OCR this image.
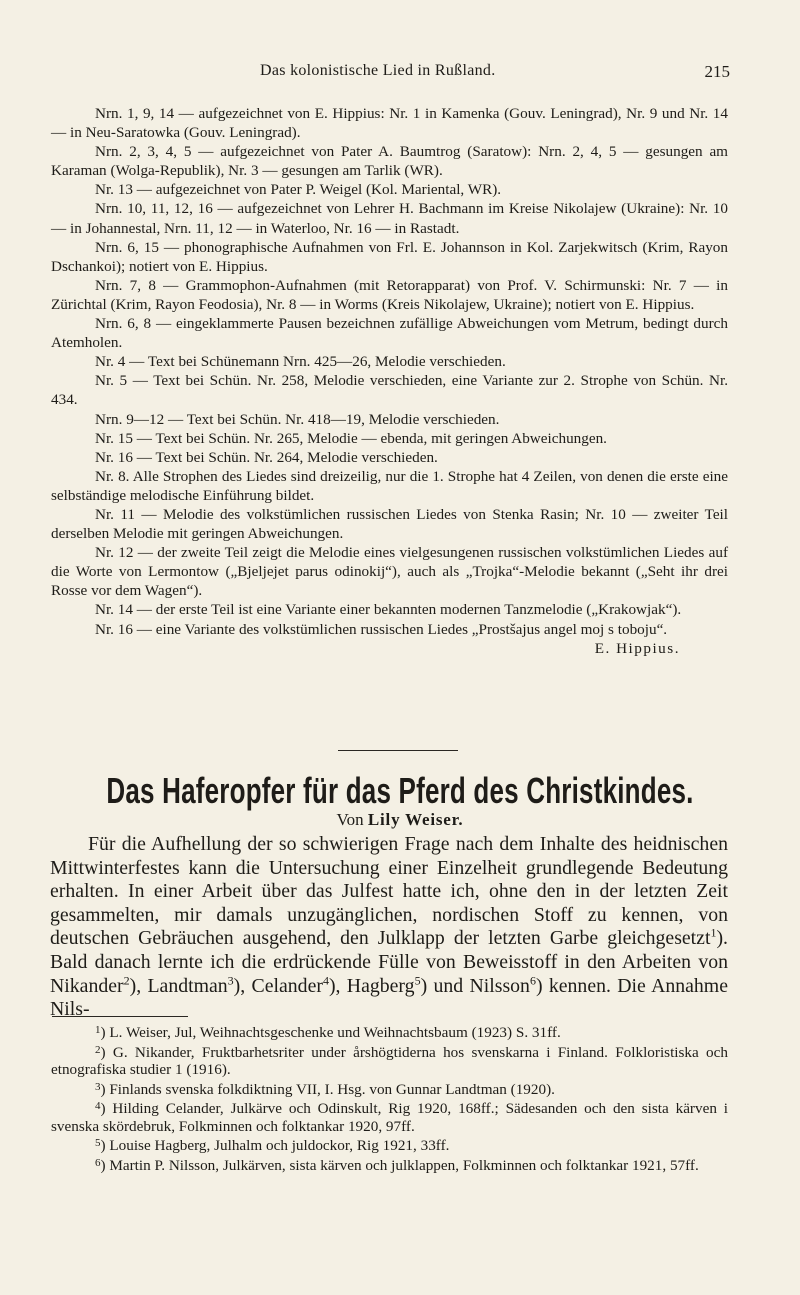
Das kolonistische Lied in Rußland.	215

Nrn. 1, 9, 14 — aufgezeichnet von E. Hippius: Nr. 1 in Kamenka (Gouv. Leningrad), Nr. 9 und Nr. 14 — in Neu-Saratowka (Gouv. Leningrad).

Nrn. 2, 3, 4, 5 — aufgezeichnet von Pater A. Baumtrog (Saratow): Nrn. 2, 4, 5 — gesungen am Karaman (Wolga-Republik), Nr. 3 — gesungen am Tarlik (WR).

Nr. 13 — aufgezeichnet von Pater P. Weigel (Kol. Mariental, WR).

Nrn. 10, 11, 12, 16 — aufgezeichnet von Lehrer H. Bachmann im Kreise Nikolajew (Ukraine): Nr. 10 — in Johannestal, Nrn. 11, 12 — in Waterloo, Nr. 16 — in Rastadt.

Nrn. 6, 15 — phonographische Aufnahmen von Frl. E. Johannson in Kol. Zarjekwitsch (Krim, Rayon Dschankoi); notiert von E. Hippius.

Nrn. 7, 8 — Grammophon-Aufnahmen (mit Retorapparat) von Prof. V. Schirmunski: Nr. 7 — in Zürichtal (Krim, Rayon Feodosia), Nr. 8 — in Worms (Kreis Nikolajew, Ukraine); notiert von E. Hippius.

Nrn. 6, 8 — eingeklammerte Pausen bezeichnen zufällige Abweichungen vom Metrum, bedingt durch Atemholen.

Nr. 4 — Text bei Schünemann Nrn. 425—26, Melodie verschieden.

Nr. 5 — Text bei Schün. Nr. 258, Melodie verschieden, eine Variante zur 2. Strophe von Schün. Nr. 434.

Nrn. 9—12 — Text bei Schün. Nr. 418—19, Melodie verschieden.

Nr. 15 — Text bei Schün. Nr. 265, Melodie — ebenda, mit geringen Abweichungen.

Nr. 16 — Text bei Schün. Nr. 264, Melodie verschieden.

Nr. 8. Alle Strophen des Liedes sind dreizeilig, nur die 1. Strophe hat 4 Zeilen, von denen die erste eine selbständige melodische Einführung bildet.

Nr. 11 — Melodie des volkstümlichen russischen Liedes von Stenka Rasin; Nr. 10 — zweiter Teil derselben Melodie mit geringen Abweichungen.

Nr. 12 — der zweite Teil zeigt die Melodie eines vielgesungenen russischen volkstümlichen Liedes auf die Worte von Lermontow („Bjeljejet parus odinokij“), auch als „Trojka“-Melodie bekannt („Seht ihr drei Rosse vor dem Wagen“).

Nr. 14 — der erste Teil ist eine Variante einer bekannten modernen Tanzmelodie („Krakowjak“).

Nr. 16 — eine Variante des volkstümlichen russischen Liedes „Prostšajus angel moj s toboju“.

E. Hippius.

Das Haferopfer für das Pferd des Christkindes.
Von Lily Weiser.

Für die Aufhellung der so schwierigen Frage nach dem Inhalte des heidnischen Mittwinterfestes kann die Untersuchung einer Einzelheit grundlegende Bedeutung erhalten. In einer Arbeit über das Julfest hatte ich, ohne den in der letzten Zeit gesammelten, mir damals unzugänglichen, nordischen Stoff zu kennen, von deutschen Gebräuchen ausgehend, den Julklapp der letzten Garbe gleichgesetzt$^1$). Bald danach lernte ich die erdrückende Fülle von Beweisstoff in den Arbeiten von Nikander$^2$), Landtman$^3$), Celander$^4$), Hagberg$^5$) und Nilsson$^6$) kennen. Die Annahme Nils-

$^1$) L. Weiser, Jul, Weihnachtsgeschenke und Weihnachtsbaum (1923) S. 31ff.

$^2$) G. Nikander, Fruktbarhetsriter under årshögtiderna hos svenskarna i Finland. Folkloristiska och etnografiska studier 1 (1916).

$^3$) Finlands svenska folkdiktning VII, I. Hsg. von Gunnar Landtman (1920).

$^4$) Hilding Celander, Julkärve och Odinskult, Rig 1920, 168ff.; Sädesanden och den sista kärven i svenska skördebruk, Folkminnen och folktankar 1920, 97ff.

$^5$) Louise Hagberg, Julhalm och juldockor, Rig 1921, 33ff.

$^6$) Martin P. Nilsson, Julkärven, sista kärven och julklappen, Folkminnen och folktankar 1921, 57ff.
